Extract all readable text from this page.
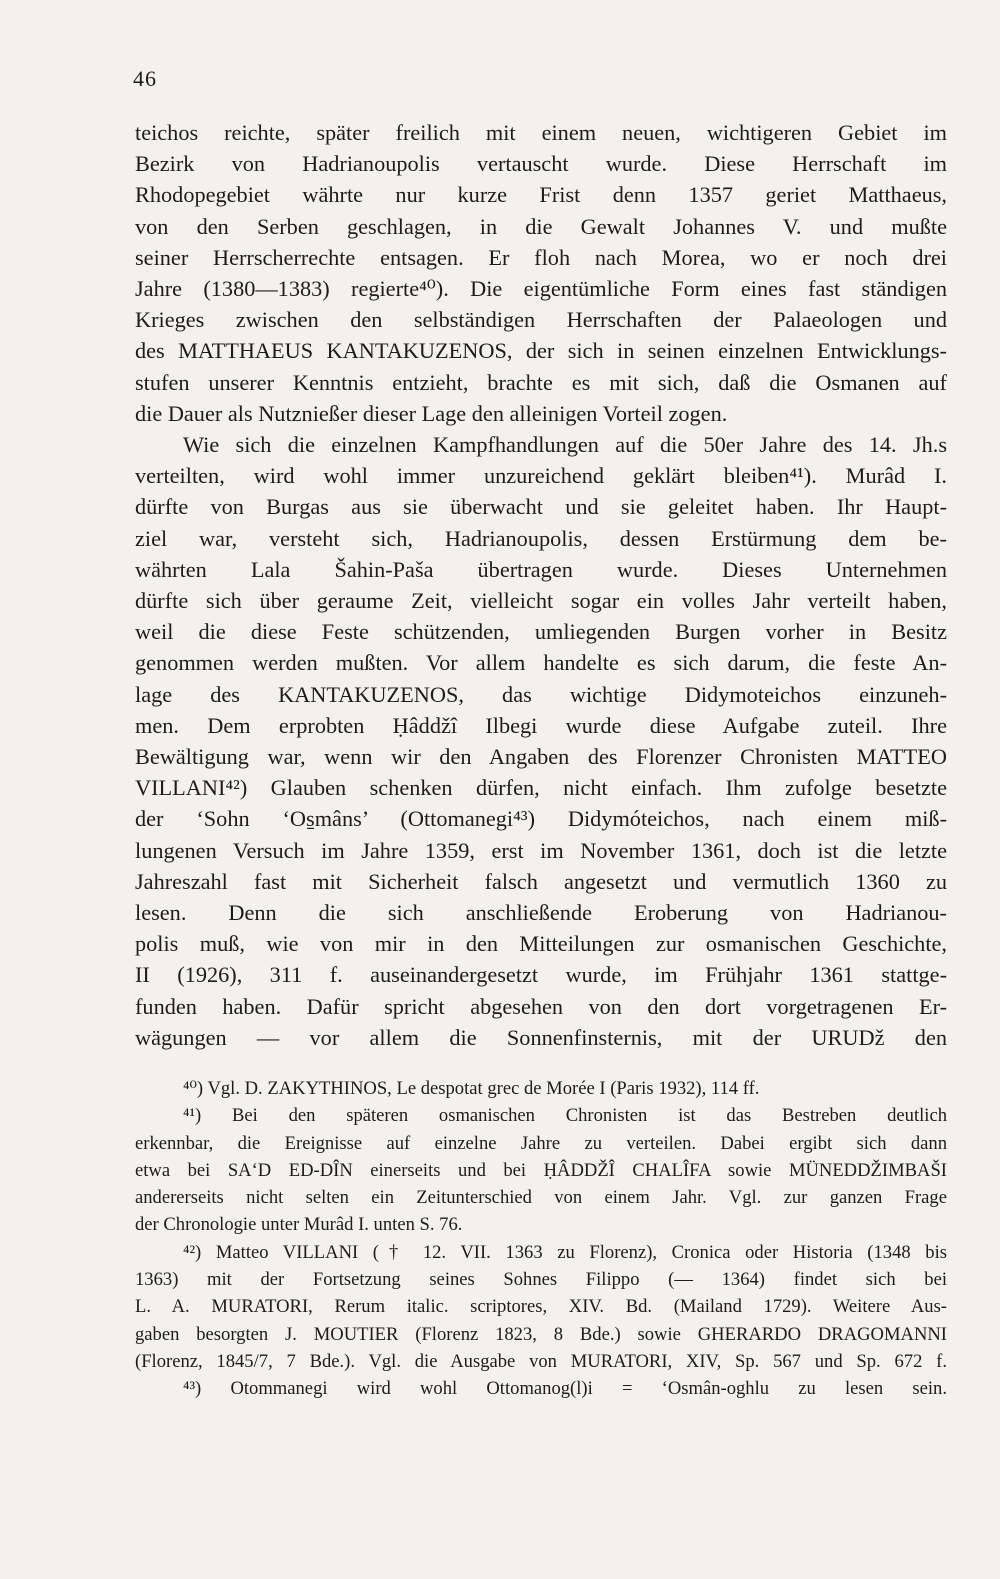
46
teichos reichte, später freilich mit einem neuen, wichtigeren Gebiet im
Bezirk von Hadrianoupolis vertauscht wurde. Diese Herrschaft im
Rhodopegebiet währte nur kurze Frist denn 1357 geriet Matthaeus,
von den Serben geschlagen, in die Gewalt Johannes V. und mußte
seiner Herrscherrechte entsagen. Er floh nach Morea, wo er noch drei
Jahre (1380—1383) regierte⁴⁰). Die eigentümliche Form eines fast ständigen
Krieges zwischen den selbständigen Herrschaften der Palaeologen und
des MATTHAEUS KANTAKUZENOS, der sich in seinen einzelnen Entwicklungs-
stufen unserer Kenntnis entzieht, brachte es mit sich, daß die Osmanen auf
die Dauer als Nutznießer dieser Lage den alleinigen Vorteil zogen.
Wie sich die einzelnen Kampfhandlungen auf die 50er Jahre des 14. Jh.s
verteilten, wird wohl immer unzureichend geklärt bleiben⁴¹). Murâd I.
dürfte von Burgas aus sie überwacht und sie geleitet haben. Ihr Haupt-
ziel war, versteht sich, Hadrianoupolis, dessen Erstürmung dem be-
währten Lala Šahin-Paša übertragen wurde. Dieses Unternehmen
dürfte sich über geraume Zeit, vielleicht sogar ein volles Jahr verteilt haben,
weil die diese Feste schützenden, umliegenden Burgen vorher in Besitz
genommen werden mußten. Vor allem handelte es sich darum, die feste An-
lage des KANTAKUZENOS, das wichtige Didymoteichos einzuneh-
men. Dem erprobten Ḥâddžî Ilbegi wurde diese Aufgabe zuteil. Ihre
Bewältigung war, wenn wir den Angaben des Florenzer Chronisten MATTEO
VILLANI⁴²) Glauben schenken dürfen, nicht einfach. Ihm zufolge besetzte
der ‘Sohn ‘Os̱mâns’ (Ottomanegi⁴³) Didymóteichos, nach einem miß-
lungenen Versuch im Jahre 1359, erst im November 1361, doch ist die letzte
Jahreszahl fast mit Sicherheit falsch angesetzt und vermutlich 1360 zu
lesen. Denn die sich anschließende Eroberung von Hadrianou-
polis muß, wie von mir in den Mitteilungen zur osmanischen Geschichte,
II (1926), 311 f. auseinandergesetzt wurde, im Frühjahr 1361 stattge-
funden haben. Dafür spricht abgesehen von den dort vorgetragenen Er-
wägungen — vor allem die Sonnenfinsternis, mit der URUDž den
⁴⁰) Vgl. D. ZAKYTHINOS, Le despotat grec de Morée I (Paris 1932), 114 ff.
⁴¹) Bei den späteren osmanischen Chronisten ist das Bestreben deutlich
erkennbar, die Ereignisse auf einzelne Jahre zu verteilen. Dabei ergibt sich dann
etwa bei SA‘D ED-DÎN einerseits und bei ḤÂDDŽÎ CHALÎFA sowie MÜNEDDŽIMBAŠI
andererseits nicht selten ein Zeitunterschied von einem Jahr. Vgl. zur ganzen Frage
der Chronologie unter Murâd I. unten S. 76.
⁴²) Matteo VILLANI († 12. VII. 1363 zu Florenz), Cronica oder Historia (1348 bis
1363) mit der Fortsetzung seines Sohnes Filippo (— 1364) findet sich bei
L. A. MURATORI, Rerum italic. scriptores, XIV. Bd. (Mailand 1729). Weitere Aus-
gaben besorgten J. MOUTIER (Florenz 1823, 8 Bde.) sowie GHERARDO DRAGOMANNI
(Florenz, 1845/7, 7 Bde.). Vgl. die Ausgabe von MURATORI, XIV, Sp. 567 und Sp. 672 f.
⁴³) Otommanegi wird wohl Ottomanog(l)i = ‘Osmân-oghlu zu lesen sein.
